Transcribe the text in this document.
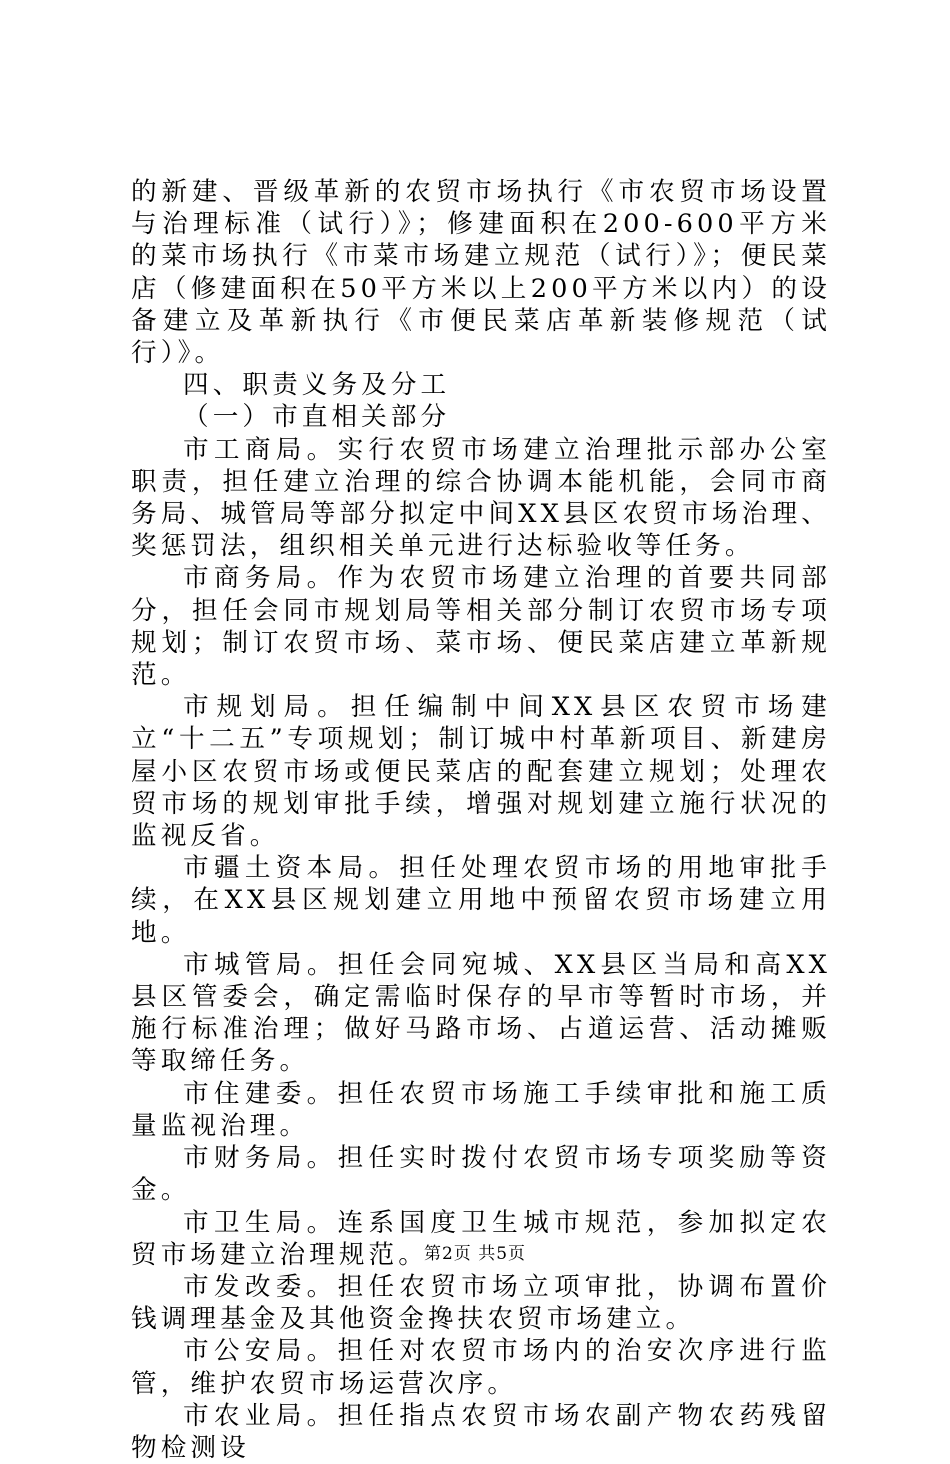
的新建、晋级革新的农贸市场执行《市农贸市场设置与治理标准（试行）》；修建面积在200-600平方米的菜市场执行《市菜市场建立规范（试行）》；便民菜店（修建面积在50平方米以上200平方米以内）的设备建立及革新执行《市便民菜店革新装修规范（试行）》。

四、职责义务及分工

（一）市直相关部分

市工商局。实行农贸市场建立治理批示部办公室职责，担任建立治理的综合协调本能机能，会同市商务局、城管局等部分拟定中间XX县区农贸市场治理、奖惩罚法，组织相关单元进行达标验收等任务。

市商务局。作为农贸市场建立治理的首要共同部分，担任会同市规划局等相关部分制订农贸市场专项规划；制订农贸市场、菜市场、便民菜店建立革新规范。

市规划局。担任编制中间XX县区农贸市场建立“十二五”专项规划；制订城中村革新项目、新建房屋小区农贸市场或便民菜店的配套建立规划；处理农贸市场的规划审批手续，增强对规划建立施行状况的监视反省。

市疆土资本局。担任处理农贸市场的用地审批手续，在XX县区规划建立用地中预留农贸市场建立用地。

市城管局。担任会同宛城、XX县区当局和高XX县区管委会，确定需临时保存的早市等暂时市场，并施行标准治理；做好马路市场、占道运营、活动摊贩等取缔任务。

市住建委。担任农贸市场施工手续审批和施工质量监视治理。

市财务局。担任实时拨付农贸市场专项奖励等资金。

市卫生局。连系国度卫生城市规范，参加拟定农贸市场建立治理规范。

市发改委。担任农贸市场立项审批，协调布置价钱调理基金及其他资金搀扶农贸市场建立。

市公安局。担任对农贸市场内的治安次序进行监管，维护农贸市场运营次序。

市农业局。担任指点农贸市场农副产物农药残留物检测设

第2页 共5页
